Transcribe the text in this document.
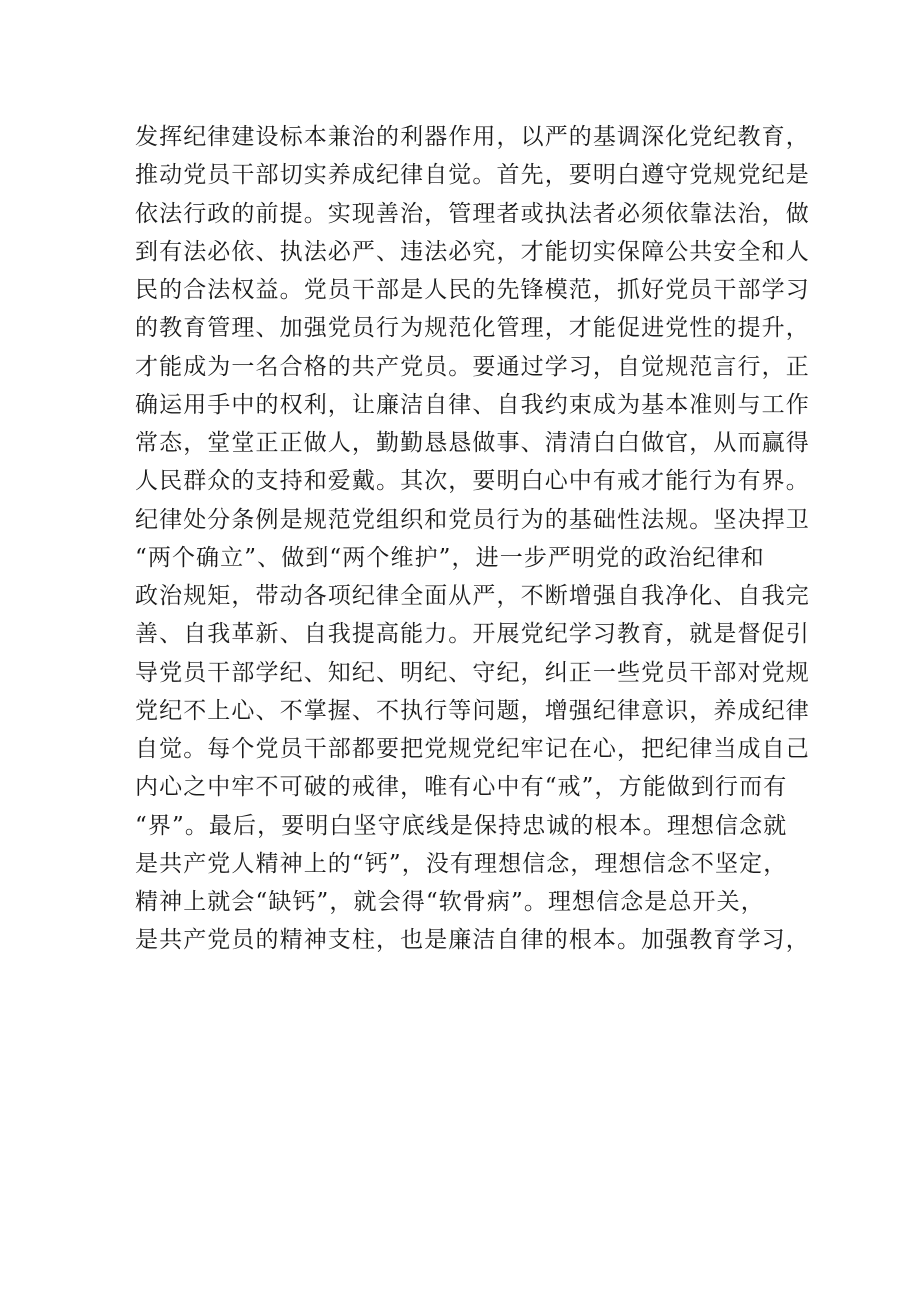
发挥纪律建设标本兼治的利器作用，以严的基调深化党纪教育，
推动党员干部切实养成纪律自觉。首先，要明白遵守党规党纪是
依法行政的前提。实现善治，管理者或执法者必须依靠法治，做
到有法必依、执法必严、违法必究，才能切实保障公共安全和人
民的合法权益。党员干部是人民的先锋模范，抓好党员干部学习
的教育管理、加强党员行为规范化管理，才能促进党性的提升，
才能成为一名合格的共产党员。要通过学习，自觉规范言行，正
确运用手中的权利，让廉洁自律、自我约束成为基本准则与工作
常态，堂堂正正做人，勤勤恳恳做事、清清白白做官，从而赢得
人民群众的支持和爱戴。其次，要明白心中有戒才能行为有界。
纪律处分条例是规范党组织和党员行为的基础性法规。坚决捍卫
“两个确立”、做到“两个维护”，进一步严明党的政治纪律和
政治规矩，带动各项纪律全面从严，不断增强自我净化、自我完
善、自我革新、自我提高能力。开展党纪学习教育，就是督促引
导党员干部学纪、知纪、明纪、守纪，纠正一些党员干部对党规
党纪不上心、不掌握、不执行等问题，增强纪律意识，养成纪律
自觉。每个党员干部都要把党规党纪牢记在心，把纪律当成自己
内心之中牢不可破的戒律，唯有心中有“戒”，方能做到行而有
“界”。最后，要明白坚守底线是保持忠诚的根本。理想信念就
是共产党人精神上的“钙”，没有理想信念，理想信念不坚定，
精神上就会“缺钙”，就会得“软骨病”。理想信念是总开关，
是共产党员的精神支柱，也是廉洁自律的根本。加强教育学习，
